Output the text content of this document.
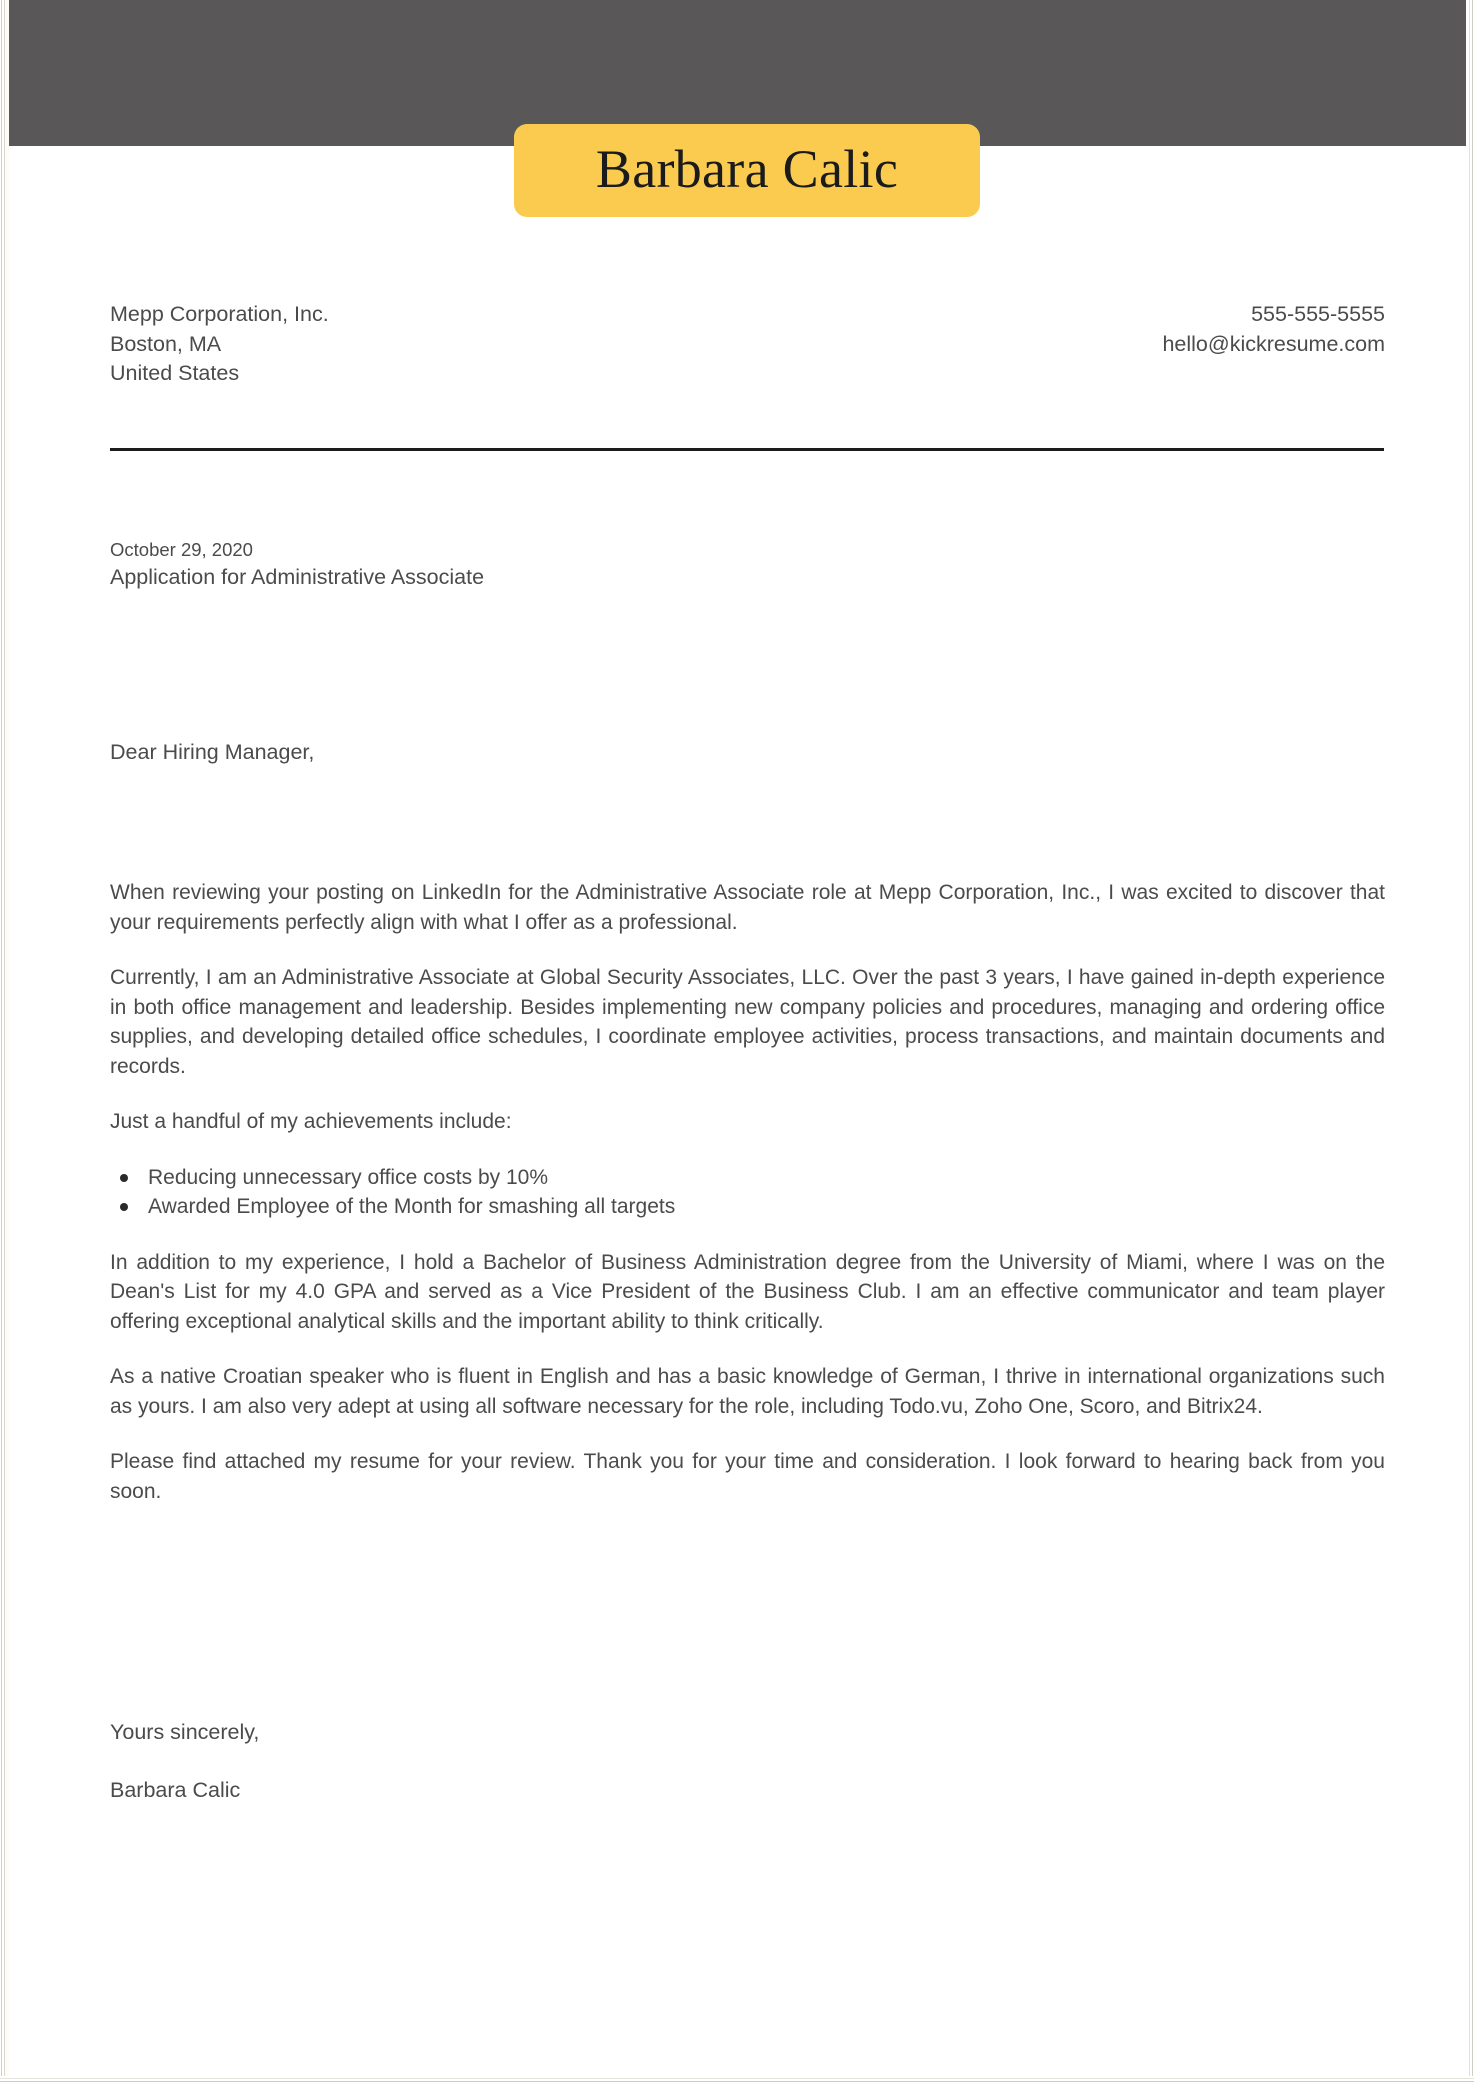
Barbara Calic
Mepp Corporation, Inc.
Boston, MA
United States
555-555-5555
hello@kickresume.com
October 29, 2020
Application for Administrative Associate
Dear Hiring Manager,

When reviewing your posting on LinkedIn for the Administrative Associate role at Mepp Corporation, Inc., I was excited to discover that your requirements perfectly align with what I offer as a professional.

Currently, I am an Administrative Associate at Global Security Associates, LLC. Over the past 3 years, I have gained in-depth experience in both office management and leadership. Besides implementing new company policies and procedures, managing and ordering office supplies, and developing detailed office schedules, I coordinate employee activities, process transactions, and maintain documents and records.

Just a handful of my achievements include:

Reducing unnecessary office costs by 10%
Awarded Employee of the Month for smashing all targets

In addition to my experience, I hold a Bachelor of Business Administration degree from the University of Miami, where I was on the Dean's List for my 4.0 GPA and served as a Vice President of the Business Club. I am an effective communicator and team player offering exceptional analytical skills and the important ability to think critically.

As a native Croatian speaker who is fluent in English and has a basic knowledge of German, I thrive in international organizations such as yours. I am also very adept at using all software necessary for the role, including Todo.vu, Zoho One, Scoro, and Bitrix24.

Please find attached my resume for your review. Thank you for your time and consideration. I look forward to hearing back from you soon.

Yours sincerely,
Barbara Calic
